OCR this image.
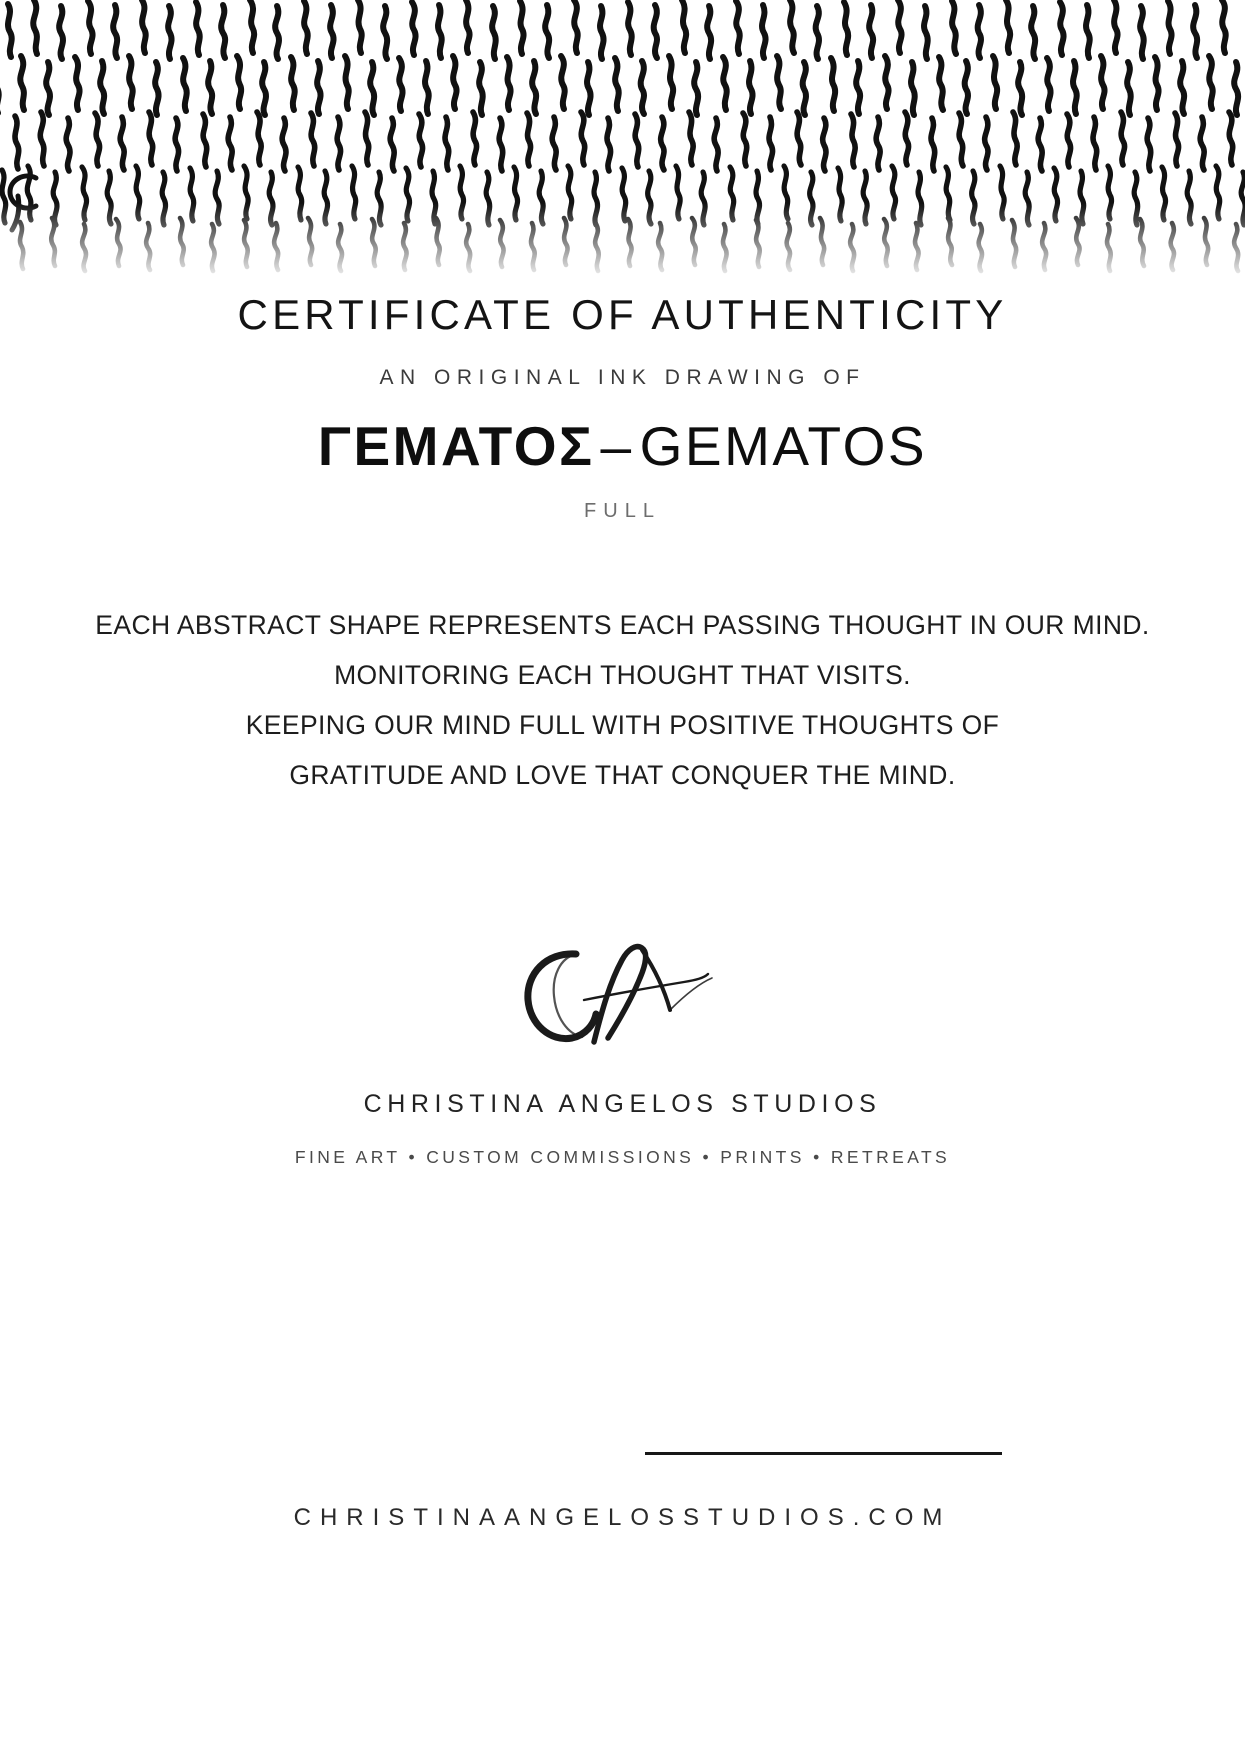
CERTIFICATE OF AUTHENTICITY
AN ORIGINAL INK DRAWING OF
ΓΕΜΑΤΟΣ – GEMATOS
FULL
EACH ABSTRACT SHAPE REPRESENTS EACH PASSING THOUGHT IN OUR MIND.
MONITORING EACH THOUGHT THAT VISITS.
KEEPING OUR MIND FULL WITH POSITIVE THOUGHTS OF
GRATITUDE AND LOVE THAT CONQUER THE MIND.
CHRISTINA ANGELOS STUDIOS
FINE ART • CUSTOM COMMISSIONS • PRINTS • RETREATS
CHRISTINAANGELOSSTUDIOS.COM
